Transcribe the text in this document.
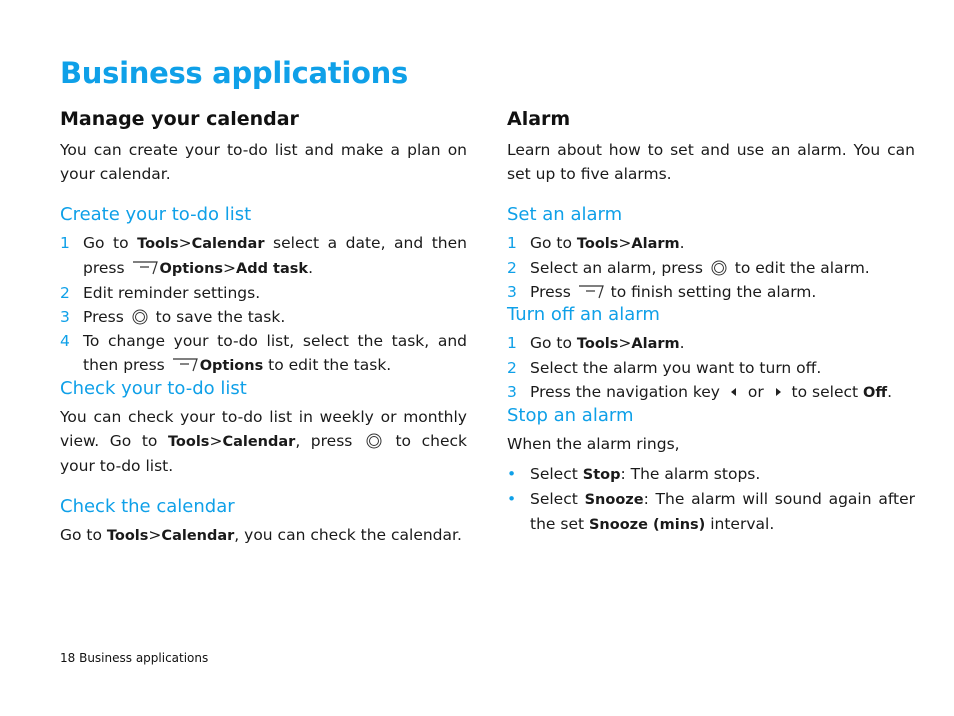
Business applications
Manage your calendar

You can create your to-do list and make a plan on your calendar.

Create your to-do list
1 Go to Tools>Calendar select a date, and then press
Options>Add task.
2 Edit reminder settings.
3 Press  to save the task.
4 To change your to-do list, select the task, and then press
Options to edit the task.
Check your to-do list

You can check your to-do list in weekly or monthly view. Go to Tools>Calendar, press  to check your to-do list.

Check the calendar

Go to Tools>Calendar, you can check the calendar.

Alarm

Learn about how to set and use an alarm. You can set up to five alarms.

Set an alarm
1 Go to Tools>Alarm.
2 Select an alarm, press  to edit the alarm.
3 Press
to finish setting the alarm.
Turn off an alarm
1 Go to Tools>Alarm.
2 Select the alarm you want to turn off.
3 Press the navigation key  or  to select Off.
Stop an alarm

When the alarm rings,

• Select Stop: The alarm stops.
• Select Snooze: The alarm will sound again after the set Snooze (mins) interval.
18 Business applications
